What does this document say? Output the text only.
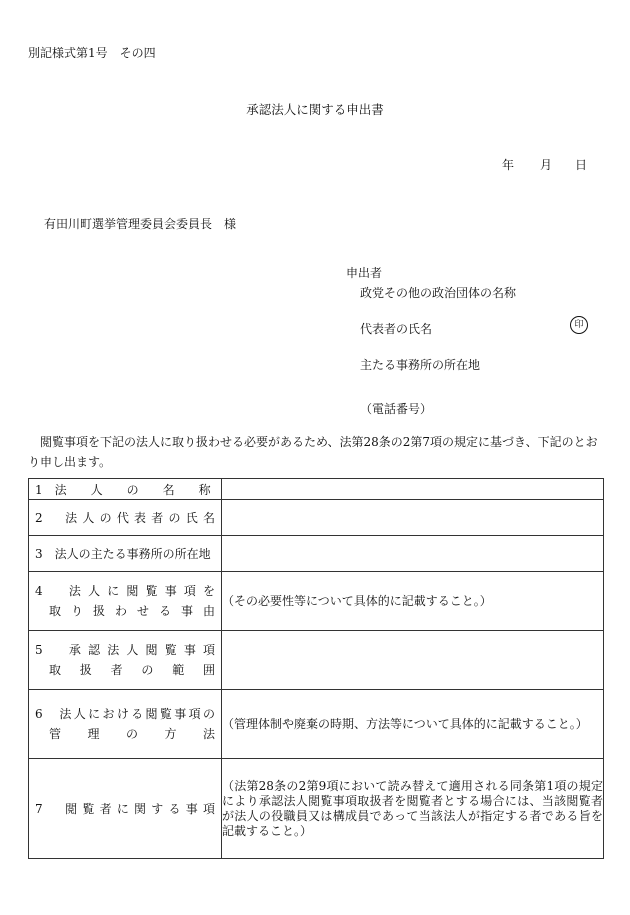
別記様式第1号　その四
承認法人に関する申出書
年 月 日
有田川町選挙管理委員会委員長　様
申出者
政党その他の政治団体の名称
代表者の氏名	印
主たる事務所の所在地
（電話番号）
閲覧事項を下記の法人に取り扱わせる必要があるため、法第28条の2第7項の規定に基づき、下記のとおり申し出ます。
1　法　　人　　の　　名　　称	

2　法人の代表者の氏名	

3　法人の主たる事務所の所在地	

4　法人に閲覧事項を
取り扱わせる事由	（その必要性等について具体的に記載すること。）

5　承認法人閲覧事項
取扱者の範囲	

6　法人における閲覧事項の
管　理　の　方　法	（管理体制や廃棄の時期、方法等について具体的に記載すること。）

7　閲覧者に関する事項	（法第28条の2第9項において読み替えて適用される同条第1項の規定により承認法人閲覧事項取扱者を閲覧者とする場合には、当該閲覧者が法人の役職員又は構成員であって当該法人が指定する者である旨を記載すること。）
